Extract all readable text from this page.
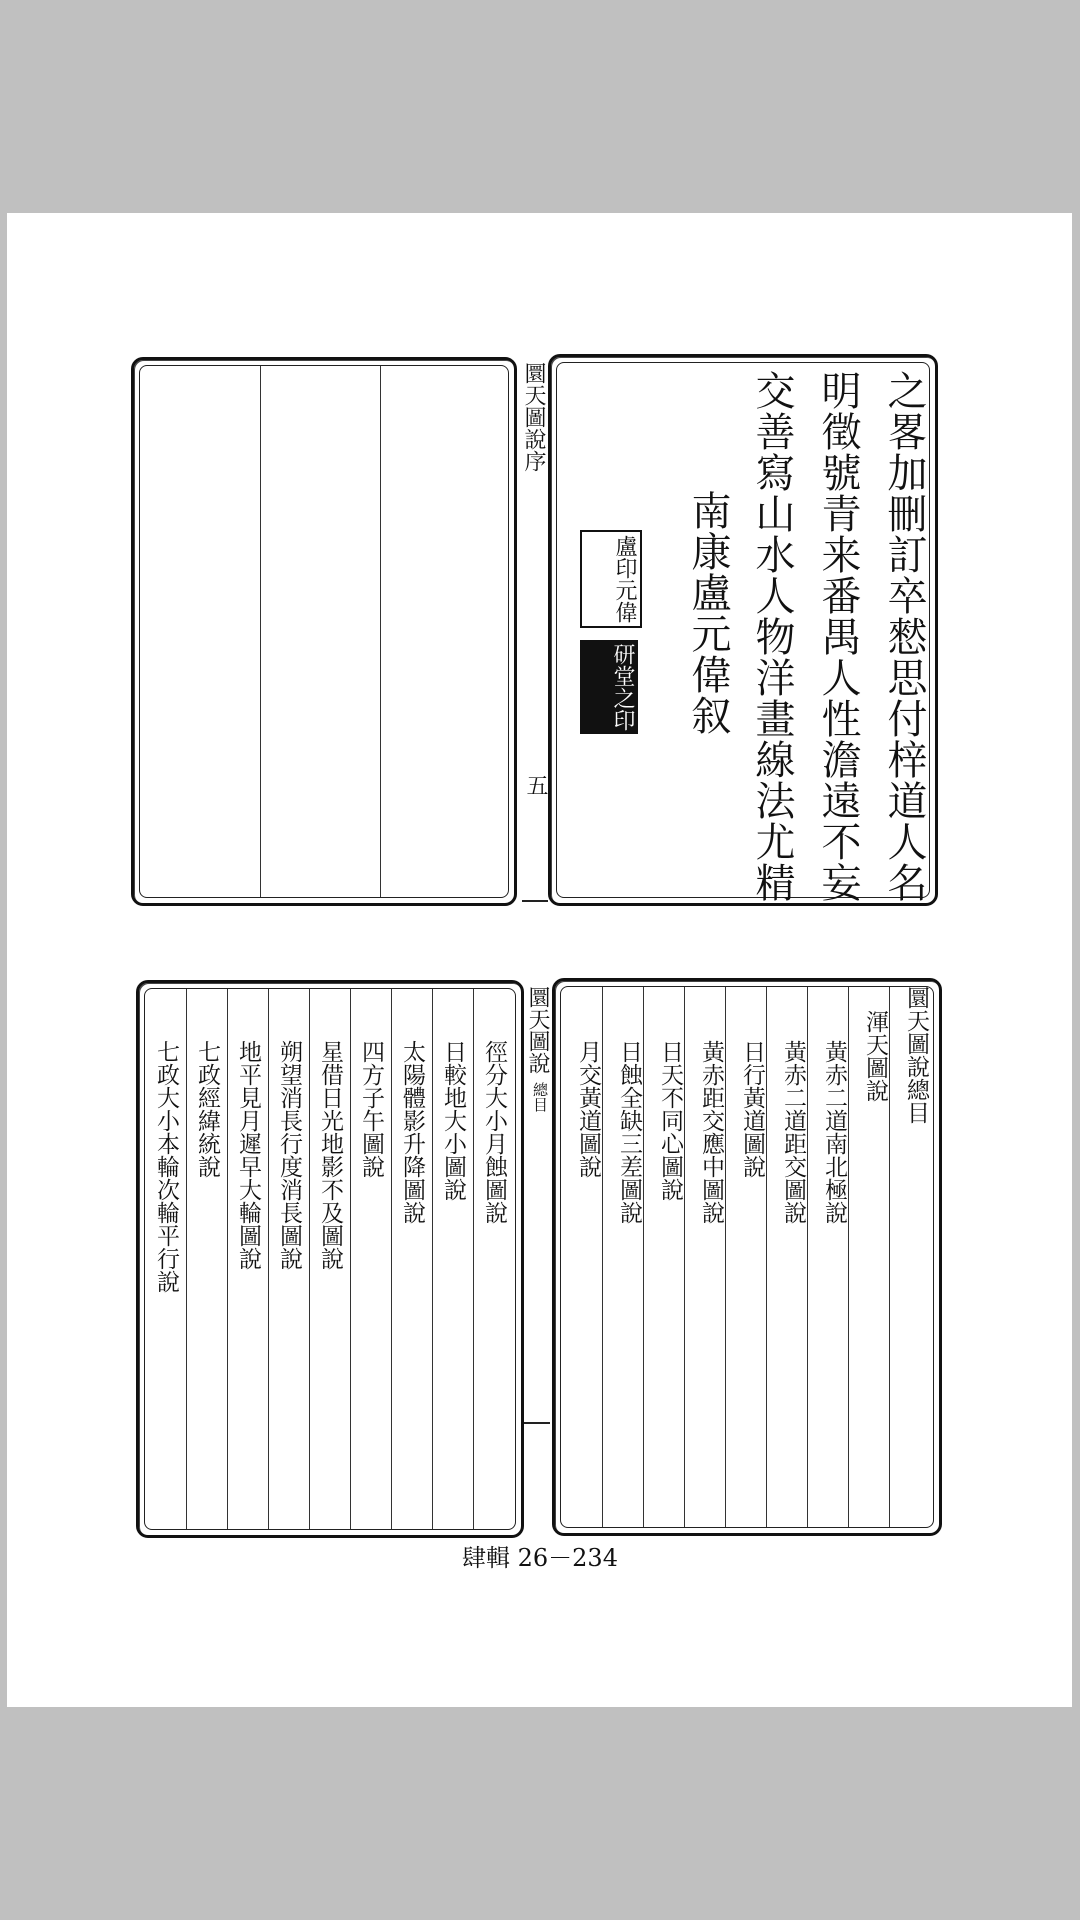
圜天圖說序
五	之畧加刪訂卒憖思付梓道人名
明徵號青来番禺人性澹遠不妄
交善寫山水人物洋畫線法尤精
南康盧元偉叙
盧印元偉
研堂之印
徑分大小月蝕圖說
日較地大小圖說
太陽體影升降圖說
四方子午圖說
星借日光地影不及圖說
朔望消長行度消長圖說
地平見月遲早大輪圖說
七政經緯統說
七政大小本輪次輪平行說
圜天圖說
總目	圜天圖說總目
渾天圖說
黃赤二道南北極說
黃赤二道距交圖說
日行黃道圖說
黃赤距交應中圖說
日天不同心圖說
日蝕全缺三差圖說
月交黃道圖說
肆輯 26－234
